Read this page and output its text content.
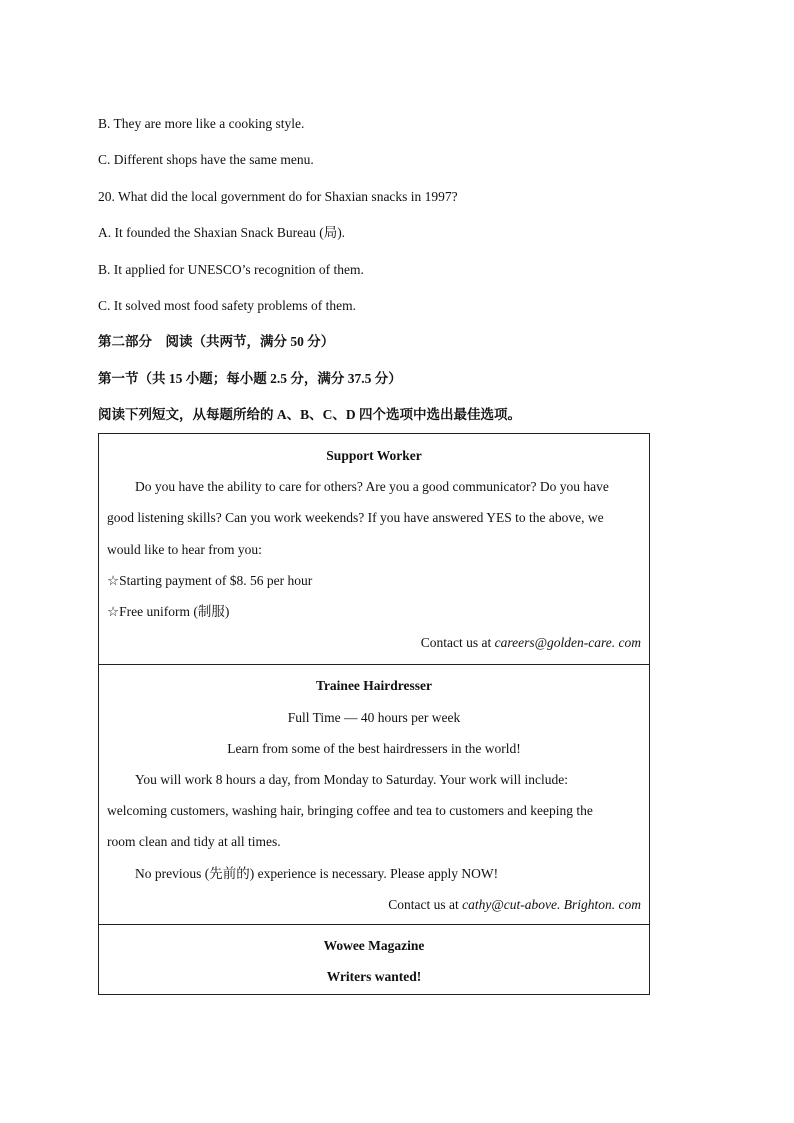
B. They are more like a cooking style.
C. Different shops have the same menu.
20. What did the local government do for Shaxian snacks in 1997?
A. It founded the Shaxian Snack Bureau (局).
B. It applied for UNESCO’s recognition of them.
C. It solved most food safety problems of them.
第二部分　阅读（共两节，满分 50 分）
第一节（共 15 小题；每小题 2.5 分，满分 37.5 分）
阅读下列短文，从每题所给的 A、B、C、D 四个选项中选出最佳选项。
Support Worker
Do you have the ability to care for others? Are you a good communicator? Do you have
good listening skills? Can you work weekends? If you have answered YES to the above, we
would like to hear from you:
☆Starting payment of $8. 56 per hour
☆Free uniform (制服)
Contact us at careers@golden-care. com
Trainee Hairdresser
Full Time — 40 hours per week
Learn from some of the best hairdressers in the world!
You will work 8 hours a day, from Monday to Saturday. Your work will include:
welcoming customers, washing hair, bringing coffee and tea to customers and keeping the
room clean and tidy at all times.
No previous (先前的) experience is necessary. Please apply NOW!
Contact us at cathy@cut-above. Brighton. com
Wowee Magazine
Writers wanted!
